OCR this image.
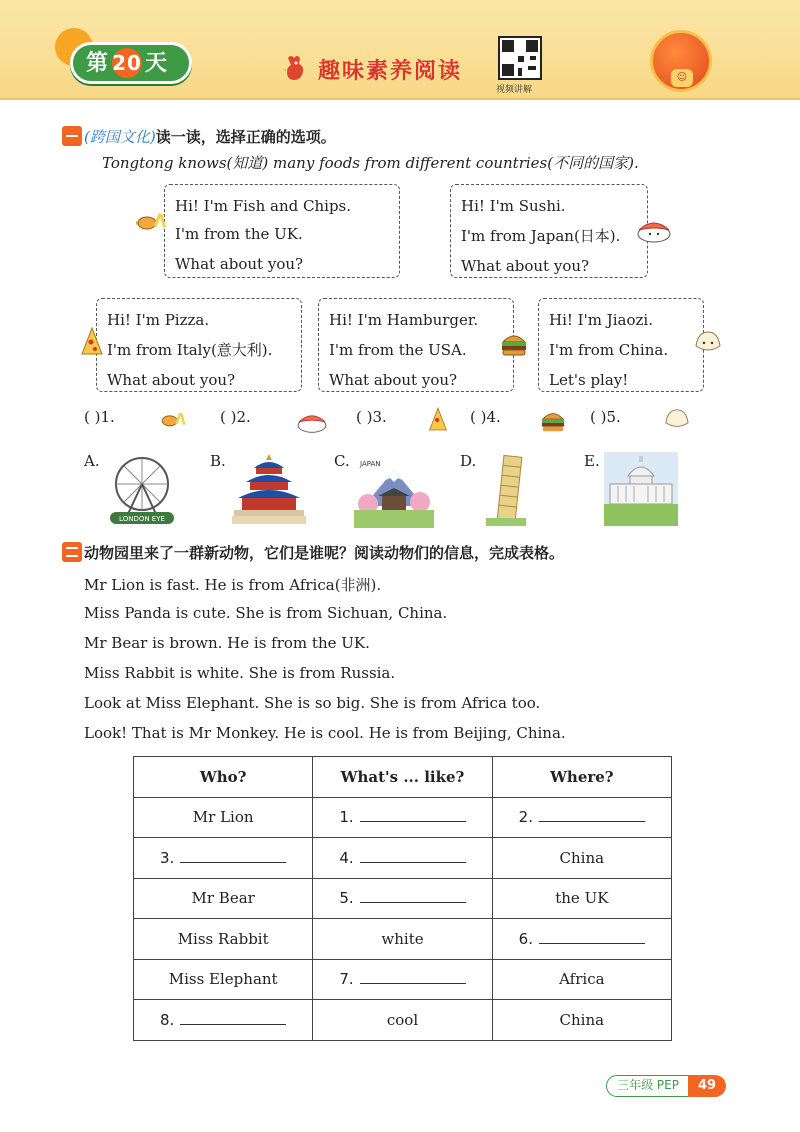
第 20 天	趣味素养阅读
视频讲解
☺
(跨国文化)读一读，选择正确的选项。
Tongtong knows(知道) many foods from different countries(不同的国家).
Hi! I'm Fish and Chips.
I'm from the UK.
What about you?
Hi! I'm Sushi.
I'm from Japan(日本).
What about you?
Hi! I'm Pizza.
I'm from Italy(意大利).
What about you?
Hi! I'm Hamburger.
I'm from the USA.
What about you?
Hi! I'm Jiaozi.
I'm from China.
Let's play!
( )1.	( )2.	( )3.	( )4.	( )5.
A.
LONDON EYE
B.	C. JAPAN	D.	E.
动物园里来了一群新动物，它们是谁呢？阅读动物们的信息，完成表格。
Mr Lion is fast. He is from Africa(非洲).
Miss Panda is cute. She is from Sichuan, China.
Mr Bear is brown. He is from the UK.
Miss Rabbit is white. She is from Russia.
Look at Miss Elephant. She is so big. She is from Africa too.
Look! That is Mr Monkey. He is cool. He is from Beijing, China.
Who?	What's ... like?	Where?
Mr Lion	1.	2.
3.	4.	China
Mr Bear	5.	the UK
Miss Rabbit	white	6.
Miss Elephant	7.	Africa
8.	cool	China
三年级 PEP	49
